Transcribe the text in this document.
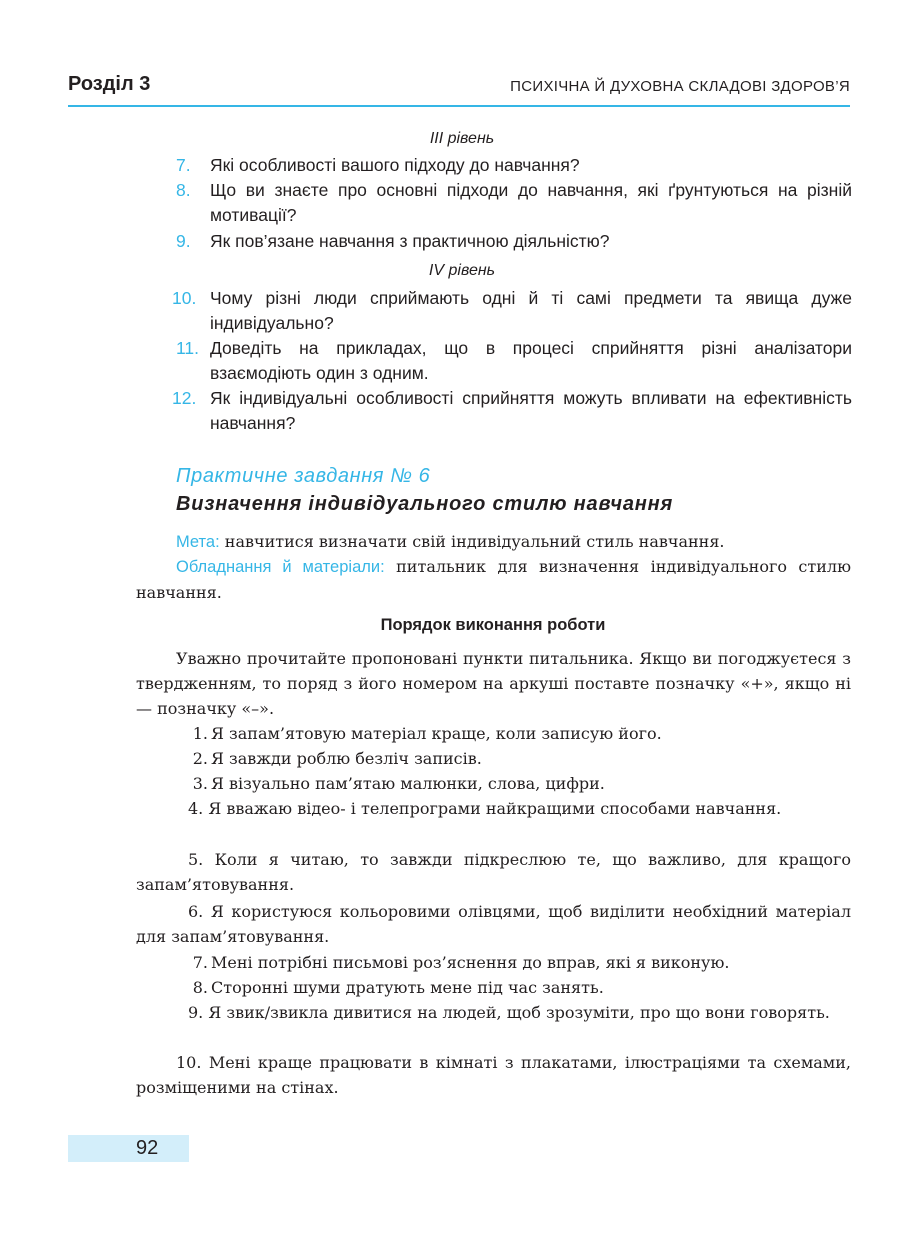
Розділ 3	ПСИХІЧНА Й ДУХОВНА СКЛАДОВІ ЗДОРОВ’Я
ІІІ рівень
7. Які особливості вашого підходу до навчання?
8. Що ви знаєте про основні підходи до навчання, які ґрунтуються на різній мотивації?
9. Як пов’язане навчання з практичною діяльністю?
ІV рівень
10. Чому різні люди сприймають одні й ті самі предмети та явища дуже індивідуально?
11. Доведіть на прикладах, що в процесі сприйняття різні аналізатори взаємодіють один з одним.
12. Як індивідуальні особливості сприйняття можуть впливати на ефективність навчання?
Практичне завдання № 6
Визначення індивідуального стилю навчання
Мета: навчитися визначати свій індивідуальний стиль навчання.
Обладнання й матеріали: питальник для визначення індивідуального стилю навчання.
Порядок виконання роботи
Уважно прочитайте пропоновані пункти питальника. Якщо ви погоджуєтеся з твердженням, то поряд з його номером на аркуші поставте позначку «+», якщо ні — позначку «–».
1. Я запам’ятовую матеріал краще, коли записую його.
2. Я завжди роблю безліч записів.
3. Я візуально пам’ятаю малюнки, слова, цифри.
4. Я вважаю відео- і телепрограми найкращими способами навчання.
5. Коли я читаю, то завжди підкреслюю те, що важливо, для кращого запам’ятовування.
6. Я користуюся кольоровими олівцями, щоб виділити необхідний матеріал для запам’ятовування.
7. Мені потрібні письмові роз’яснення до вправ, які я виконую.
8. Сторонні шуми дратують мене під час занять.
9. Я звик/звикла дивитися на людей, щоб зрозуміти, про що вони говорять.
10. Мені краще працювати в кімнаті з плакатами, ілюстраціями та схемами, розміщеними на стінах.
92
